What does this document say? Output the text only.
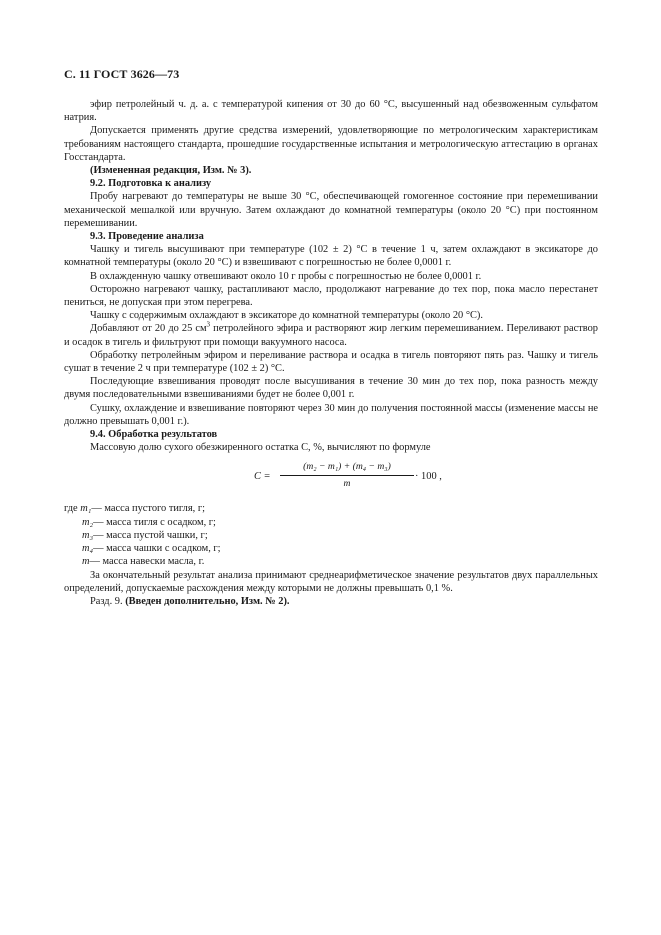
С. 11 ГОСТ 3626—73

эфир петролейный ч. д. а. с температурой кипения от 30 до 60 °С, высушенный над обезвоженным сульфатом натрия.

Допускается применять другие средства измерений, удовлетворяющие по метрологическим характеристикам требованиям настоящего стандарта, прошедшие государственные испытания и метрологическую аттестацию в органах Госстандарта.

(Измененная редакция, Изм. № 3).

9.2. Подготовка к анализу

Пробу нагревают до температуры не выше 30 °С, обеспечивающей гомогенное состояние при перемешивании механической мешалкой или вручную. Затем охлаждают до комнатной температуры (около 20 °С) при постоянном перемешивании.

9.3. Проведение анализа

Чашку и тигель высушивают при температуре (102 ± 2) °С в течение 1 ч, затем охлаждают в эксикаторе до комнатной температуры (около 20 °С) и взвешивают с погрешностью не более 0,0001 г.

В охлажденную чашку отвешивают около 10 г пробы с погрешностью не более 0,0001 г.

Осторожно нагревают чашку, растапливают масло, продолжают нагревание до тех пор, пока масло перестанет пениться, не допуская при этом перегрева.

Чашку с содержимым охлаждают в эксикаторе до комнатной температуры (около 20 °С).

Добавляют от 20 до 25 $см^3$ петролейного эфира и растворяют жир легким перемешиванием. Переливают раствор и осадок в тигель и фильтруют при помощи вакуумного насоса.

Обработку петролейным эфиром и переливание раствора и осадка в тигель повторяют пять раз. Чашку и тигель сушат в течение 2 ч при температуре (102 ± 2) °С.

Последующие взвешивания проводят после высушивания в течение 30 мин до тех пор, пока разность между двумя последовательными взвешиваниями будет не более 0,001 г.

Сушку, охлаждение и взвешивание повторяют через 30 мин до получения постоянной массы (изменение массы не должно превышать 0,001 г.).

9.4. Обработка результатов

Массовую долю сухого обезжиренного остатка С, %, вычисляют по формуле

$C = \frac{\text{(m₂ − m₁) + (m₄ − m₃)}}{m} \cdot 100$ ,
где
m₁ — масса пустого тигля, г;
m₂ — масса тигля с осадком, г;
m₃ — масса пустой чашки, г;
m₄ — масса чашки с осадком, г;
m — масса навески масла, г.

За окончательный результат анализа принимают среднеарифметическое значение результатов двух параллельных определений, допускаемые расхождения между которыми не должны превышать 0,1 %.

Разд. 9. (Введен дополнительно, Изм. № 2).
